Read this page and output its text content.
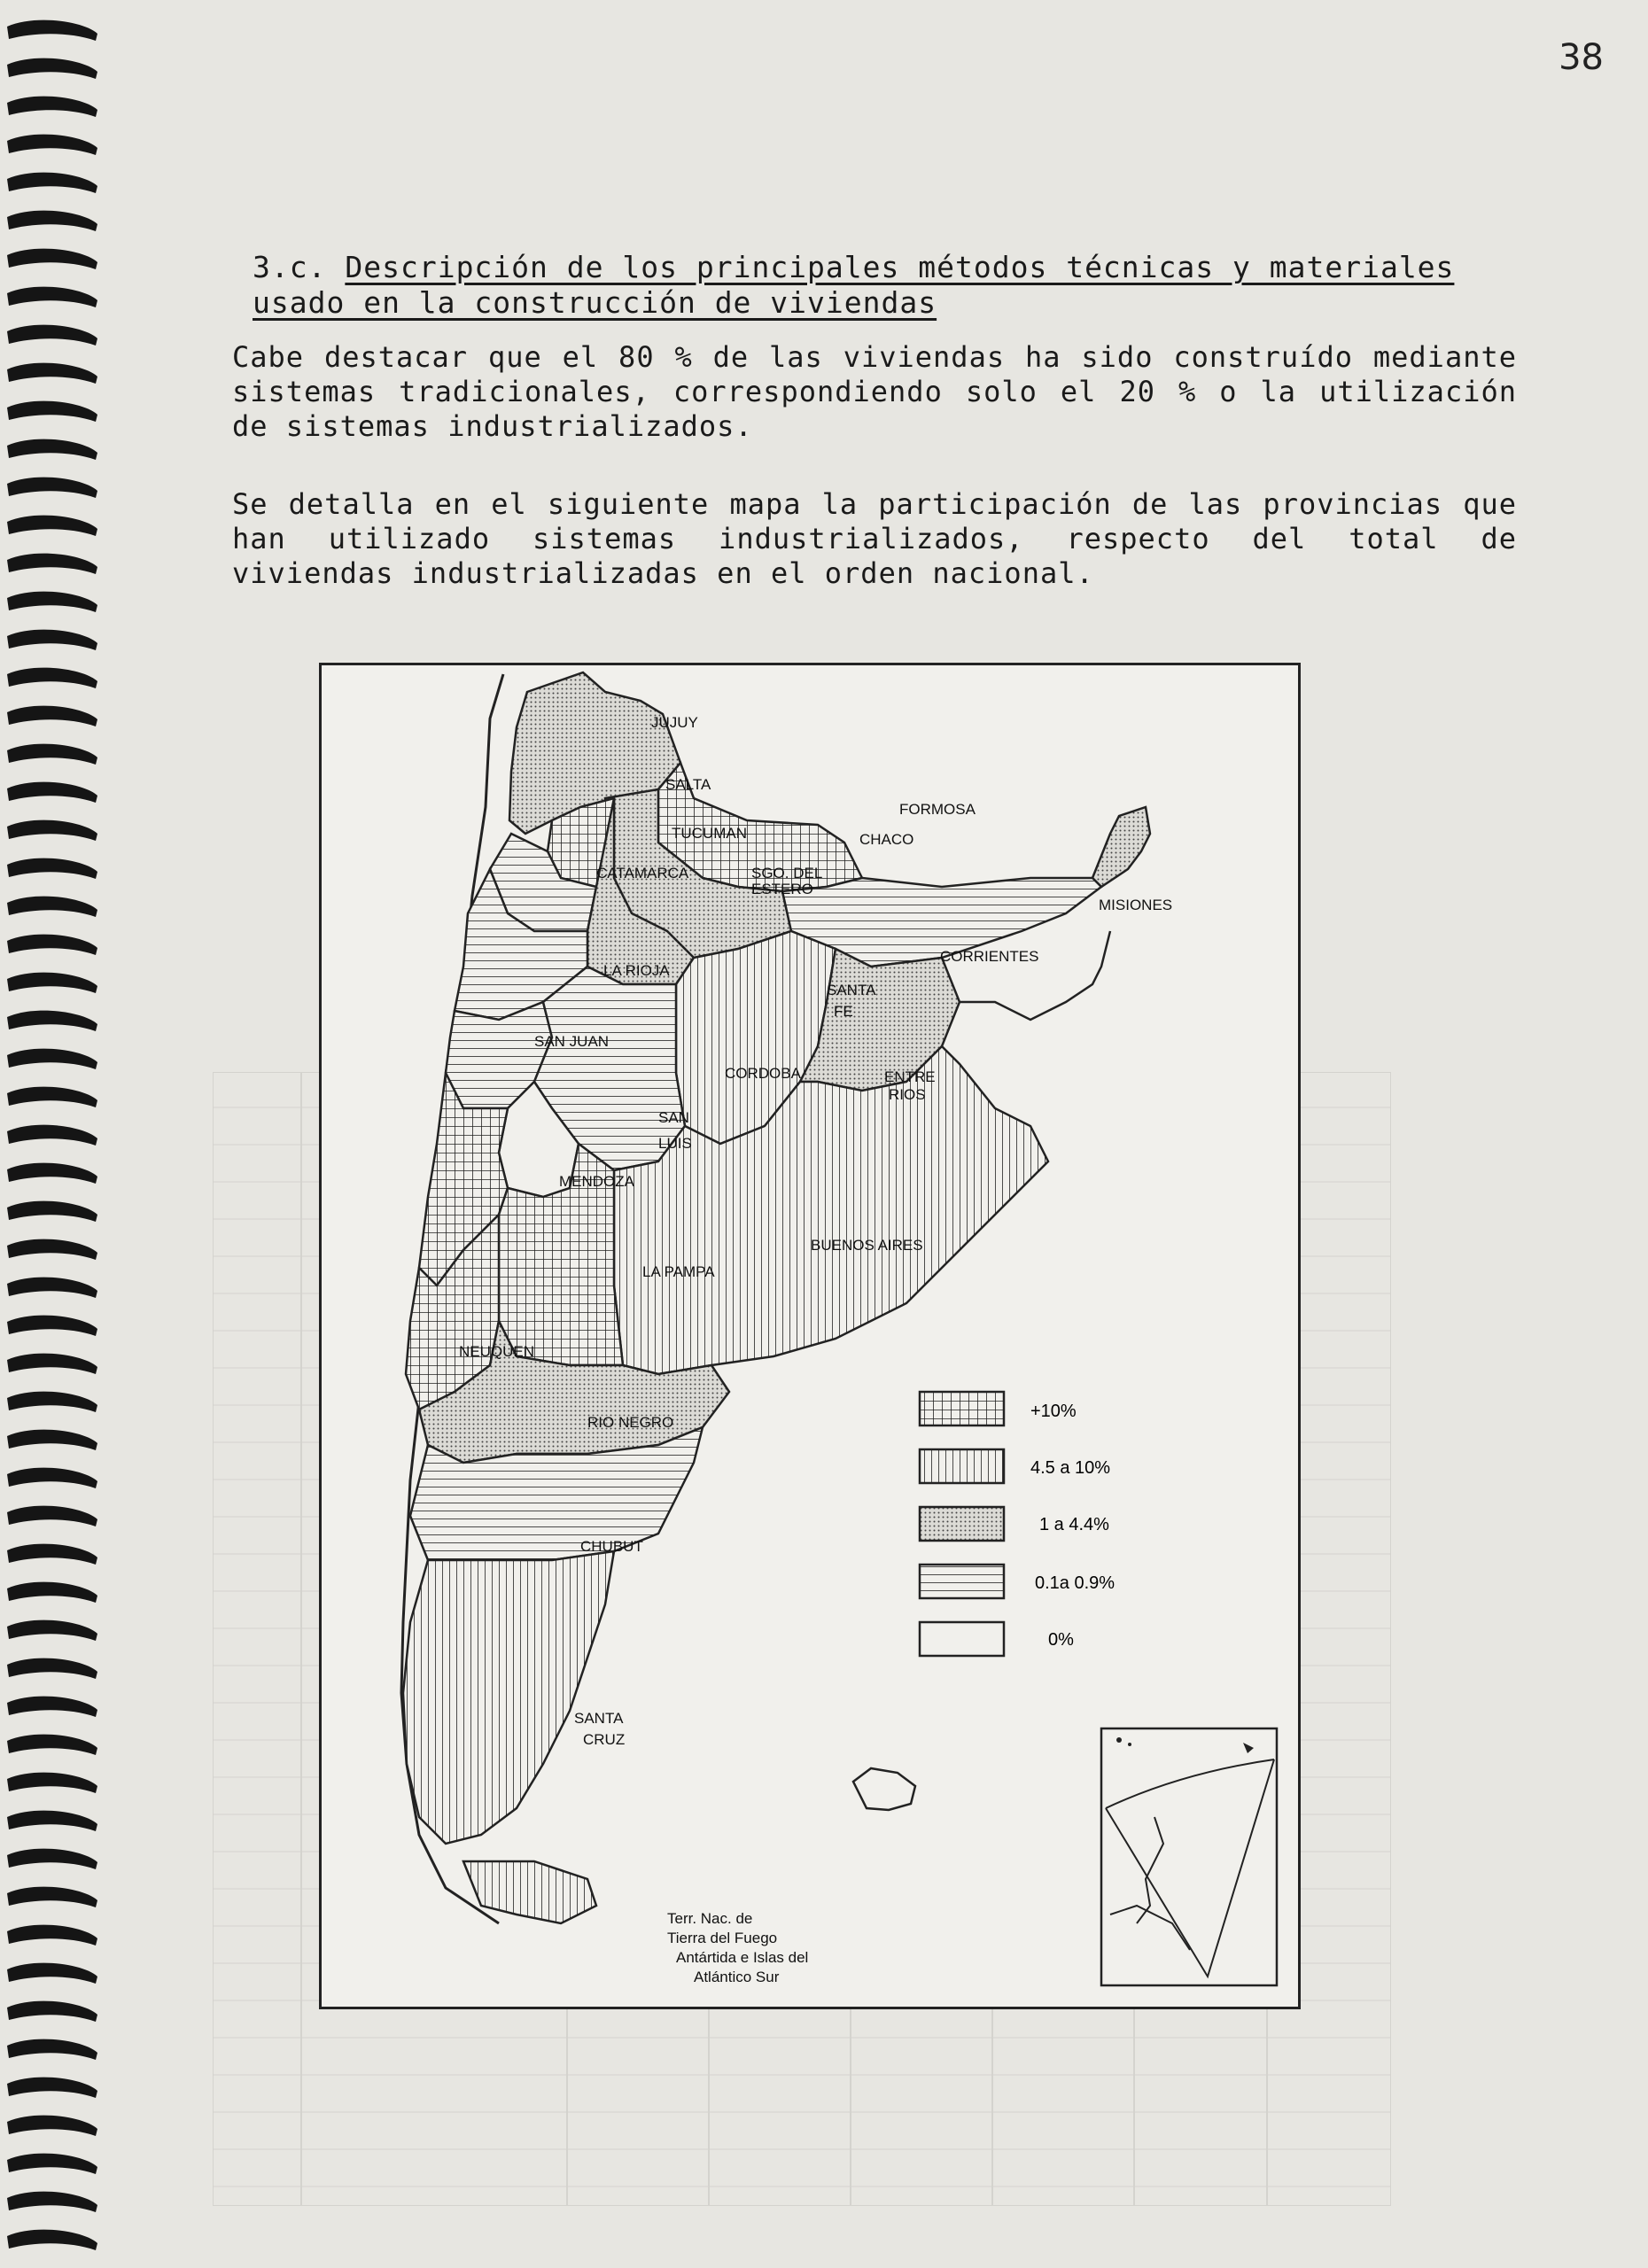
38
3.c. Descripción de los principales métodos técnicas y materiales usado en la construcción de viviendas
Cabe destacar que el 80 % de las viviendas ha sido construído mediante sistemas tradicionales, correspondiendo solo el 20 % o la utilización de sistemas industrializados.
Se detalla en el siguiente mapa la participación de las provincias que han utilizado sistemas industrializados, respecto del total de viviendas industrializadas en el orden nacional.
JUJUY
SALTA
FORMOSA
TUCUMAN	CHACO
CATAMARCA	SGO. DEL
ESTERO
MISIONES
LA RIOJA
CORRIENTES
SANTA
FE
SAN JUAN
CORDOBA	ENTRE
RIOS
SAN
LUIS
MENDOZA
BUENOS AIRES
LA PAMPA
NEUQUEN
RIO NEGRO
CHUBUT
SANTA
CRUZ
Terr. Nac. de
Tierra del Fuego
Antártida e Islas del
Atlántico Sur
+10%
4.5 a 10%
1 a 4.4%
0.1a 0.9%
0%
